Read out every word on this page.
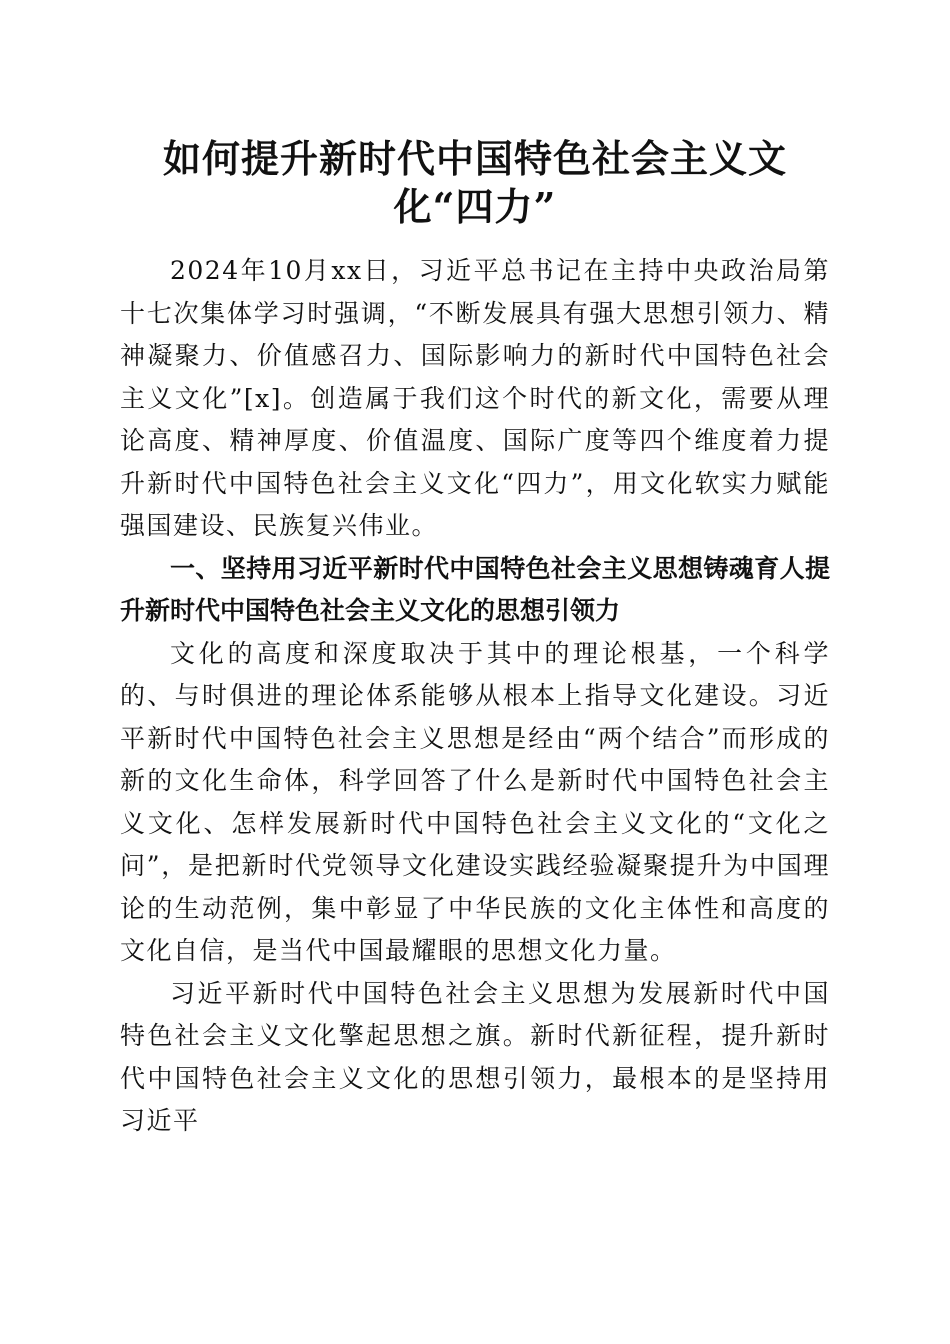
如何提升新时代中国特色社会主义文化“四力”

2024年10月xx日，习近平总书记在主持中央政治局第十七次集体学习时强调，“不断发展具有强大思想引领力、精神凝聚力、价值感召力、国际影响力的新时代中国特色社会主义文化”[x]。创造属于我们这个时代的新文化，需要从理论高度、精神厚度、价值温度、国际广度等四个维度着力提升新时代中国特色社会主义文化“四力”，用文化软实力赋能强国建设、民族复兴伟业。

一、坚持用习近平新时代中国特色社会主义思想铸魂育人提升新时代中国特色社会主义文化的思想引领力

文化的高度和深度取决于其中的理论根基，一个科学的、与时俱进的理论体系能够从根本上指导文化建设。习近平新时代中国特色社会主义思想是经由“两个结合”而形成的新的文化生命体，科学回答了什么是新时代中国特色社会主义文化、怎样发展新时代中国特色社会主义文化的“文化之问”，是把新时代党领导文化建设实践经验凝聚提升为中国理论的生动范例，集中彰显了中华民族的文化主体性和高度的文化自信，是当代中国最耀眼的思想文化力量。

习近平新时代中国特色社会主义思想为发展新时代中国特色社会主义文化擎起思想之旗。新时代新征程，提升新时代中国特色社会主义文化的思想引领力，最根本的是坚持用习近平
